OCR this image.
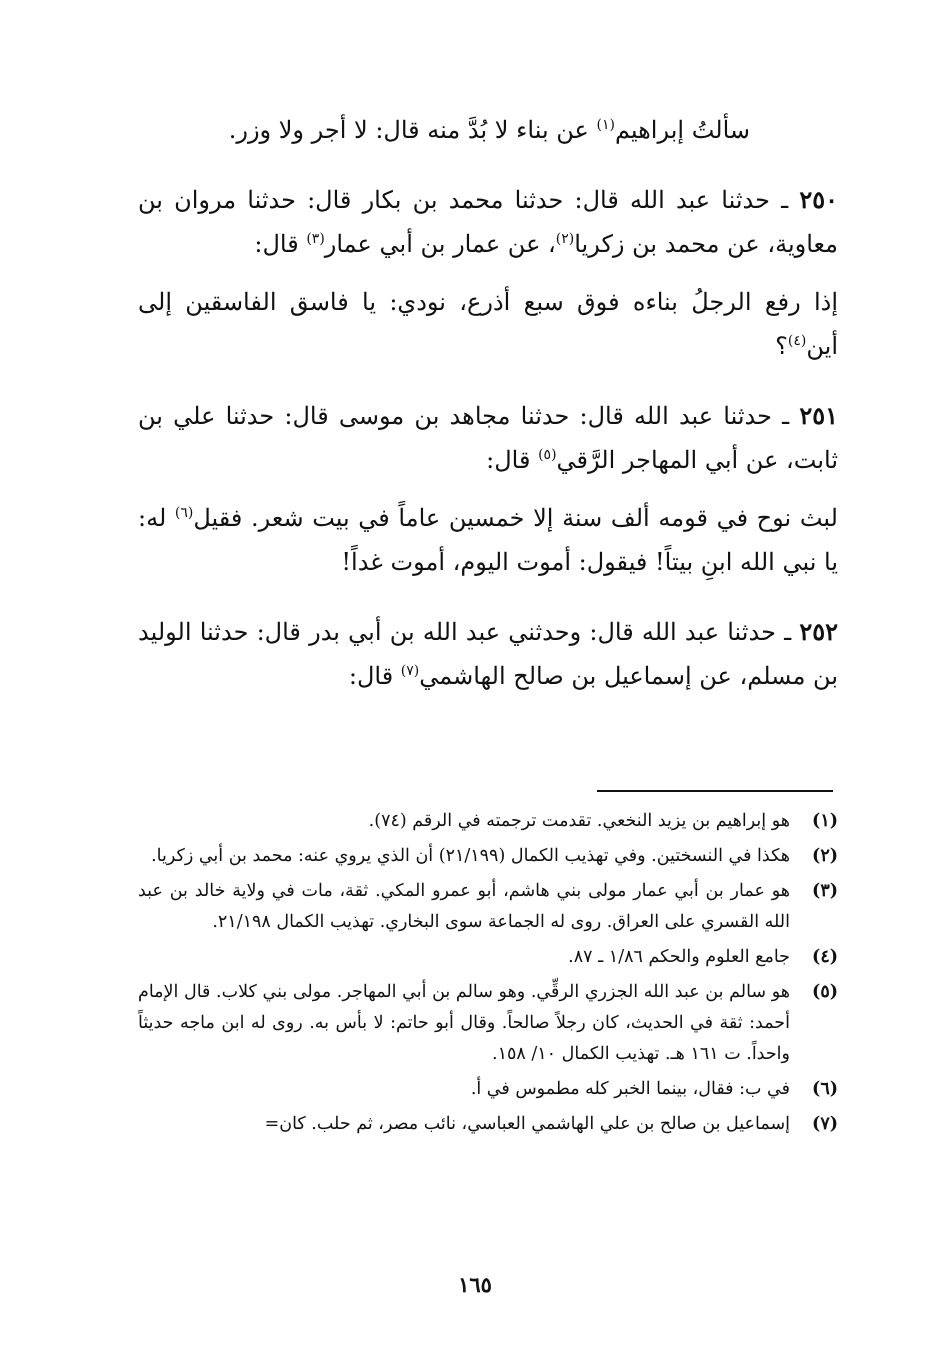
سألتُ إبراهيم$^{(١)}$ عن بناء لا بُدَّ منه قال: لا أجر ولا وزر.

٢٥٠ ـ حدثنا عبد الله قال: حدثنا محمد بن بكار قال: حدثنا مروان بن معاوية، عن محمد بن زكريا$^{(٢)}$، عن عمار بن أبي عمار$^{(٣)}$ قال:

إذا رفع الرجلُ بناءه فوق سبع أذرع، نودي: يا فاسق الفاسقين إلى أين$^{(٤)}$؟

٢٥١ ـ حدثنا عبد الله قال: حدثنا مجاهد بن موسى قال: حدثنا علي بن ثابت، عن أبي المهاجر الرَّقي$^{(٥)}$ قال:

لبث نوح في قومه ألف سنة إلا خمسين عاماً في بيت شعر. فقيل$^{(٦)}$ له: يا نبي الله ابنِ بيتاً! فيقول: أموت اليوم، أموت غداً!

٢٥٢ ـ حدثنا عبد الله قال: وحدثني عبد الله بن أبي بدر قال: حدثنا الوليد بن مسلم، عن إسماعيل بن صالح الهاشمي$^{(٧)}$ قال:

(١)
هو إبراهيم بن يزيد النخعي. تقدمت ترجمته في الرقم (٧٤).
(٢)
هكذا في النسختين. وفي تهذيب الكمال (٢١/١٩٩) أن الذي يروي عنه: محمد بن أبي زكريا.
(٣)
هو عمار بن أبي عمار مولى بني هاشم، أبو عمرو المكي. ثقة، مات في ولاية خالد بن عبد الله القسري على العراق. روى له الجماعة سوى البخاري. تهذيب الكمال ٢١/١٩٨.
(٤)
جامع العلوم والحكم ١/٨٦ ـ ٨٧.
(٥)
هو سالم بن عبد الله الجزري الرقِّي. وهو سالم بن أبي المهاجر. مولى بني كلاب. قال الإمام أحمد: ثقة في الحديث، كان رجلاً صالحاً. وقال أبو حاتم: لا بأس به. روى له ابن ماجه حديثاً واحداً. ت ١٦١ هـ. تهذيب الكمال ١٠/ ١٥٨.
(٦)
في ب: فقال، بينما الخبر كله مطموس في أ.
(٧)
إسماعيل بن صالح بن علي الهاشمي العباسي، نائب مصر، ثم حلب. كان=
١٦٥
